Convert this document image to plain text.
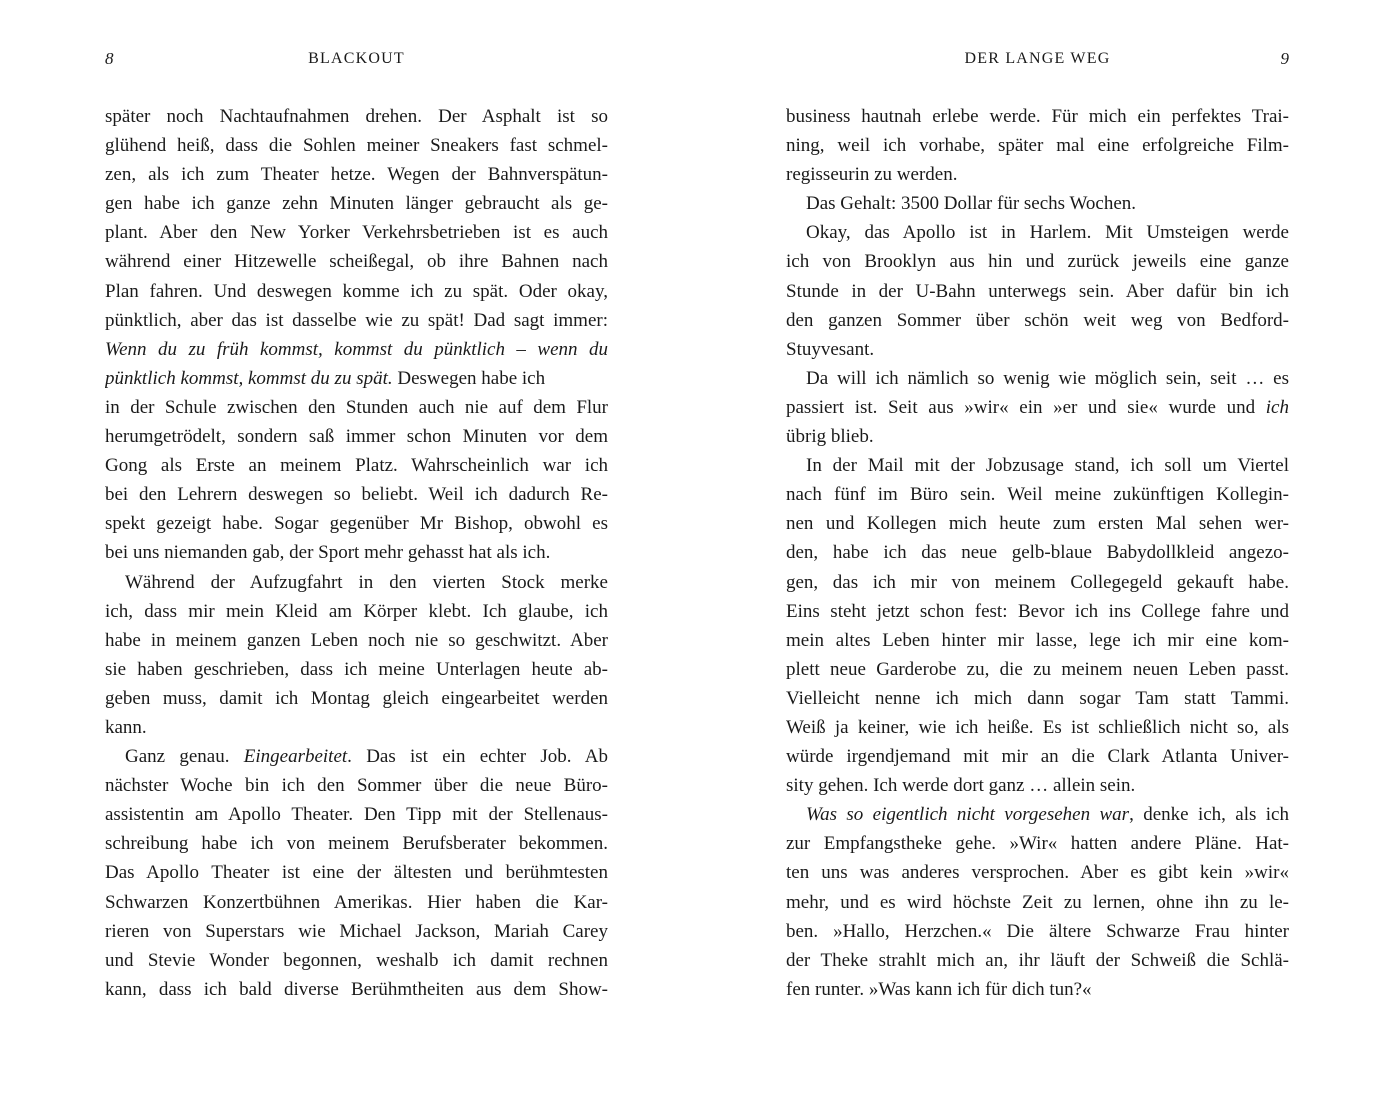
8	BLACKOUT
später noch Nachtaufnahmen drehen. Der Asphalt ist so
glühend heiß, dass die Sohlen meiner Sneakers fast schmel-
zen, als ich zum Theater hetze. Wegen der Bahnverspätun-
gen habe ich ganze zehn Minuten länger gebraucht als ge-
plant. Aber den New Yorker Verkehrsbetrieben ist es auch
während einer Hitzewelle scheißegal, ob ihre Bahnen nach
Plan fahren. Und deswegen komme ich zu spät. Oder okay,
pünktlich, aber das ist dasselbe wie zu spät! Dad sagt immer:
Wenn du zu früh kommst, kommst du pünktlich – wenn du
pünktlich kommst, kommst du zu spät. Deswegen habe ich
in der Schule zwischen den Stunden auch nie auf dem Flur
herumgetrödelt, sondern saß immer schon Minuten vor dem
Gong als Erste an meinem Platz. Wahrscheinlich war ich
bei den Lehrern deswegen so beliebt. Weil ich dadurch Re-
spekt gezeigt habe. Sogar gegenüber Mr Bishop, obwohl es
bei uns niemanden gab, der Sport mehr gehasst hat als ich.
Während der Aufzugfahrt in den vierten Stock merke
ich, dass mir mein Kleid am Körper klebt. Ich glaube, ich
habe in meinem ganzen Leben noch nie so geschwitzt. Aber
sie haben geschrieben, dass ich meine Unterlagen heute ab-
geben muss, damit ich Montag gleich eingearbeitet werden
kann.
Ganz genau. Eingearbeitet. Das ist ein echter Job. Ab
nächster Woche bin ich den Sommer über die neue Büro-
assistentin am Apollo Theater. Den Tipp mit der Stellenaus-
schreibung habe ich von meinem Berufsberater bekommen.
Das Apollo Theater ist eine der ältesten und berühmtesten
Schwarzen Konzertbühnen Amerikas. Hier haben die Kar-
rieren von Superstars wie Michael Jackson, Mariah Carey
und Stevie Wonder begonnen, weshalb ich damit rechnen
kann, dass ich bald diverse Berühmtheiten aus dem Show-
DER LANGE WEG	9
business hautnah erlebe werde. Für mich ein perfektes Trai-
ning, weil ich vorhabe, später mal eine erfolgreiche Film-
regisseurin zu werden.
Das Gehalt: 3500 Dollar für sechs Wochen.
Okay, das Apollo ist in Harlem. Mit Umsteigen werde
ich von Brooklyn aus hin und zurück jeweils eine ganze
Stunde in der U-Bahn unterwegs sein. Aber dafür bin ich
den ganzen Sommer über schön weit weg von Bedford-
Stuyvesant.
Da will ich nämlich so wenig wie möglich sein, seit … es
passiert ist. Seit aus »wir« ein »er und sie« wurde und ich
übrig blieb.
In der Mail mit der Jobzusage stand, ich soll um Viertel
nach fünf im Büro sein. Weil meine zukünftigen Kollegin-
nen und Kollegen mich heute zum ersten Mal sehen wer-
den, habe ich das neue gelb-blaue Babydollkleid angezo-
gen, das ich mir von meinem Collegegeld gekauft habe.
Eins steht jetzt schon fest: Bevor ich ins College fahre und
mein altes Leben hinter mir lasse, lege ich mir eine kom-
plett neue Garderobe zu, die zu meinem neuen Leben passt.
Vielleicht nenne ich mich dann sogar Tam statt Tammi.
Weiß ja keiner, wie ich heiße. Es ist schließlich nicht so, als
würde irgendjemand mit mir an die Clark Atlanta Univer-
sity gehen. Ich werde dort ganz … allein sein.
Was so eigentlich nicht vorgesehen war, denke ich, als ich
zur Empfangstheke gehe. »Wir« hatten andere Pläne. Hat-
ten uns was anderes versprochen. Aber es gibt kein »wir«
mehr, und es wird höchste Zeit zu lernen, ohne ihn zu le-
ben. »Hallo, Herzchen.« Die ältere Schwarze Frau hinter
der Theke strahlt mich an, ihr läuft der Schweiß die Schlä-
fen runter. »Was kann ich für dich tun?«
